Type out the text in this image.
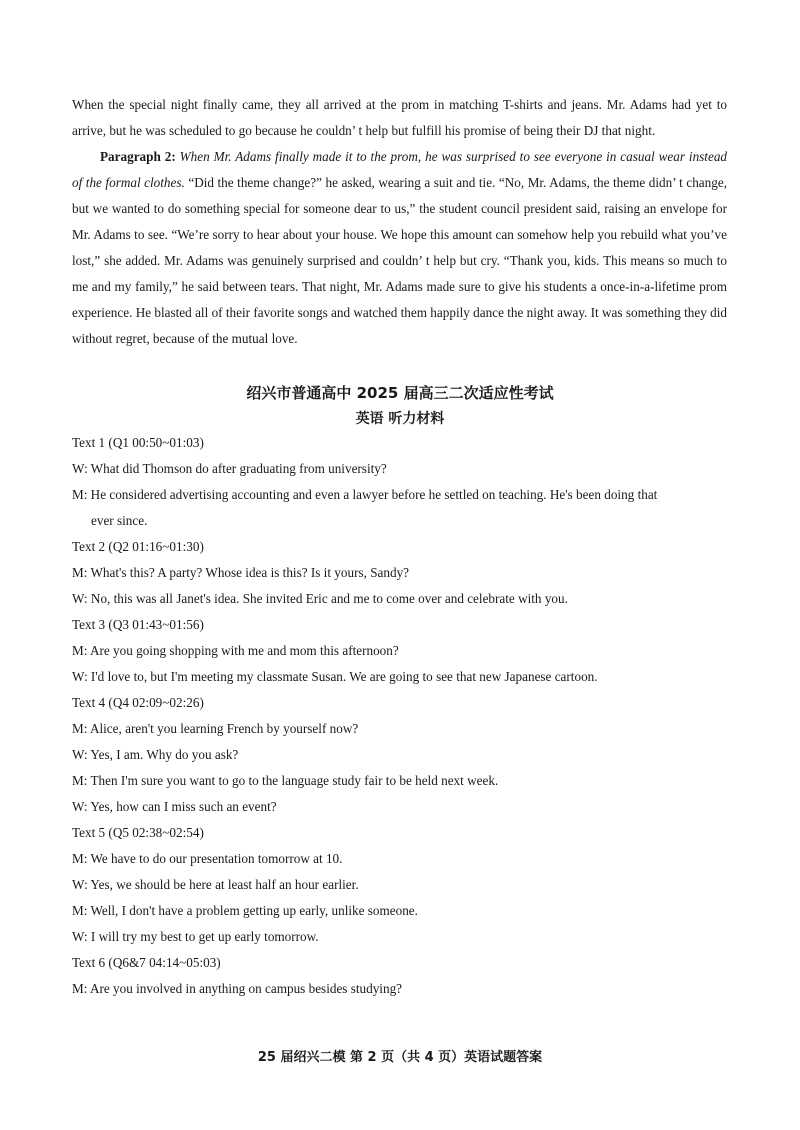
When the special night finally came, they all arrived at the prom in matching T-shirts and jeans. Mr. Adams had yet to arrive, but he was scheduled to go because he couldn’ t help but fulfill his promise of being their DJ that night.

Paragraph 2: When Mr. Adams finally made it to the prom, he was surprised to see everyone in casual wear instead of the formal clothes. “Did the theme change?” he asked, wearing a suit and tie. “No, Mr. Adams, the theme didn’ t change, but we wanted to do something special for someone dear to us,” the student council president said, raising an envelope for Mr. Adams to see. “We’re sorry to hear about your house. We hope this amount can somehow help you rebuild what you’ve lost,” she added. Mr. Adams was genuinely surprised and couldn’ t help but cry. “Thank you, kids. This means so much to me and my family,” he said between tears. That night, Mr. Adams made sure to give his students a once-in-a-lifetime prom experience. He blasted all of their favorite songs and watched them happily dance the night away. It was something they did without regret, because of the mutual love.

绍兴市普通高中 2025 届高三二次适应性考试
英语 听力材料

Text 1 (Q1 00:50~01:03)

W: What did Thomson do after graduating from university?

M: He considered advertising accounting and even a lawyer before he settled on teaching. He's been doing that

ever since.

Text 2 (Q2 01:16~01:30)

M: What's this? A party? Whose idea is this? Is it yours, Sandy?

W: No, this was all Janet's idea. She invited Eric and me to come over and celebrate with you.

Text 3 (Q3 01:43~01:56)

M: Are you going shopping with me and mom this afternoon?

W: I'd love to, but I'm meeting my classmate Susan. We are going to see that new Japanese cartoon.

Text 4 (Q4 02:09~02:26)

M: Alice, aren't you learning French by yourself now?

W: Yes, I am. Why do you ask?

M: Then I'm sure you want to go to the language study fair to be held next week.

W: Yes, how can I miss such an event?

Text 5 (Q5 02:38~02:54)

M: We have to do our presentation tomorrow at 10.

W: Yes, we should be here at least half an hour earlier.

M: Well, I don't have a problem getting up early, unlike someone.

W: I will try my best to get up early tomorrow.

Text 6 (Q6&7 04:14~05:03)

M: Are you involved in anything on campus besides studying?

25 届绍兴二模 第 2 页（共 4 页）英语试题答案
